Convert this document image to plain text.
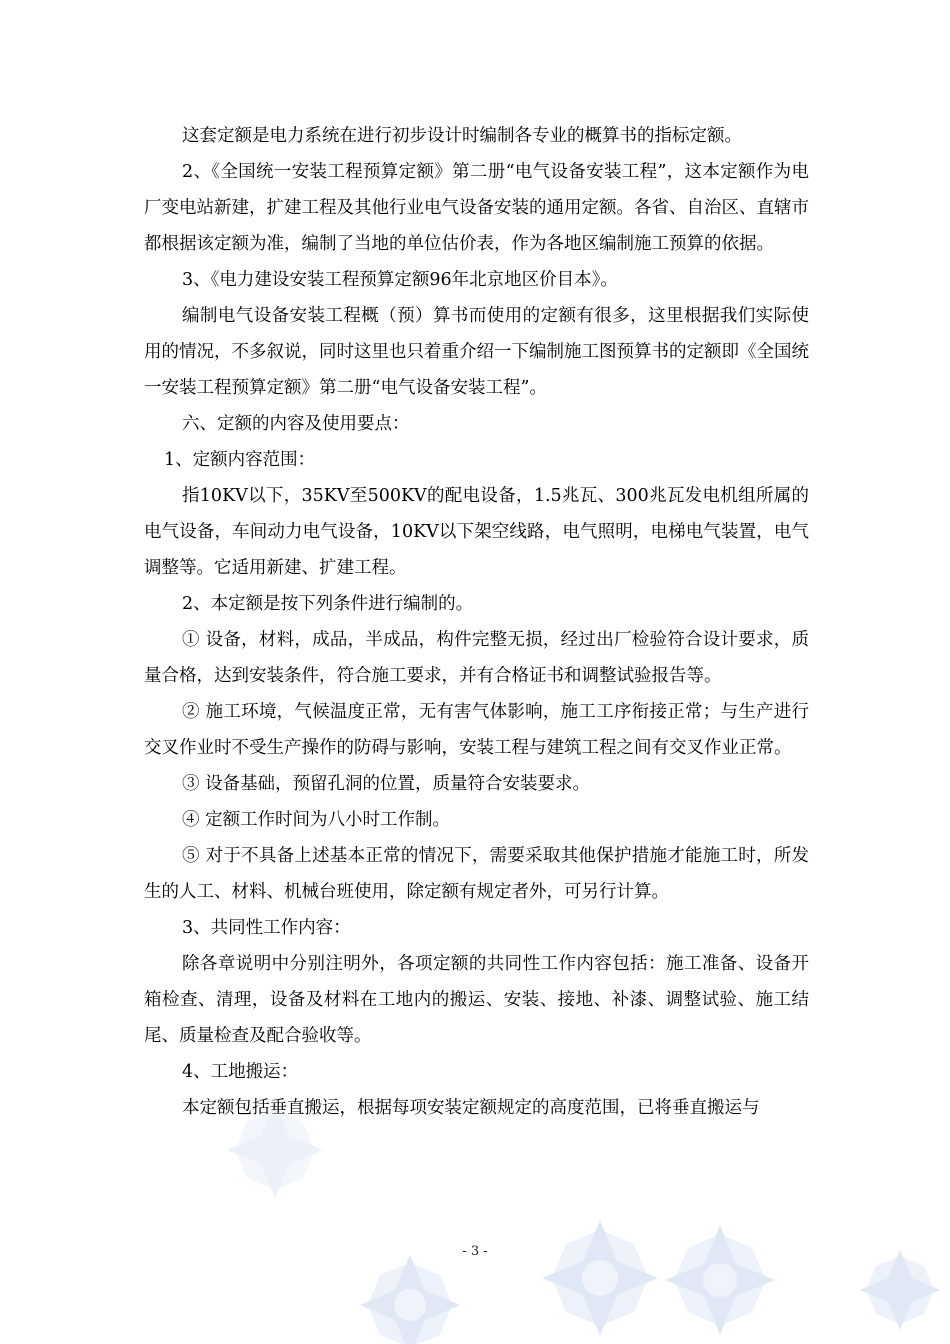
这套定额是电力系统在进行初步设计时编制各专业的概算书的指标定额。

2、《全国统一安装工程预算定额》第二册“电气设备安装工程”，这本定额作为电厂变电站新建，扩建工程及其他行业电气设备安装的通用定额。各省、自治区、直辖市都根据该定额为准，编制了当地的单位估价表，作为各地区编制施工预算的依据。

3、《电力建设安装工程预算定额96年北京地区价目本》。

编制电气设备安装工程概（预）算书而使用的定额有很多，这里根据我们实际使用的情况，不多叙说，同时这里也只着重介绍一下编制施工图预算书的定额即《全国统一安装工程预算定额》第二册“电气设备安装工程”。

六、定额的内容及使用要点：

1、定额内容范围：

指10KV以下，35KV至500KV的配电设备，1.5兆瓦、300兆瓦发电机组所属的电气设备，车间动力电气设备，10KV以下架空线路，电气照明，电梯电气装置，电气调整等。它适用新建、扩建工程。

2、本定额是按下列条件进行编制的。

① 设备，材料，成品，半成品，构件完整无损，经过出厂检验符合设计要求，质量合格，达到安装条件，符合施工要求，并有合格证书和调整试验报告等。

② 施工环境，气候温度正常，无有害气体影响，施工工序衔接正常；与生产进行交叉作业时不受生产操作的防碍与影响，安装工程与建筑工程之间有交叉作业正常。

③ 设备基础，预留孔洞的位置，质量符合安装要求。

④ 定额工作时间为八小时工作制。

⑤ 对于不具备上述基本正常的情况下，需要采取其他保护措施才能施工时，所发生的人工、材料、机械台班使用，除定额有规定者外，可另行计算。

3、共同性工作内容：

除各章说明中分别注明外，各项定额的共同性工作内容包括：施工准备、设备开箱检查、清理，设备及材料在工地内的搬运、安装、接地、补漆、调整试验、施工结尾、质量检查及配合验收等。

4、工地搬运：

本定额包括垂直搬运，根据每项安装定额规定的高度范围，已将垂直搬运与

- 3 -
